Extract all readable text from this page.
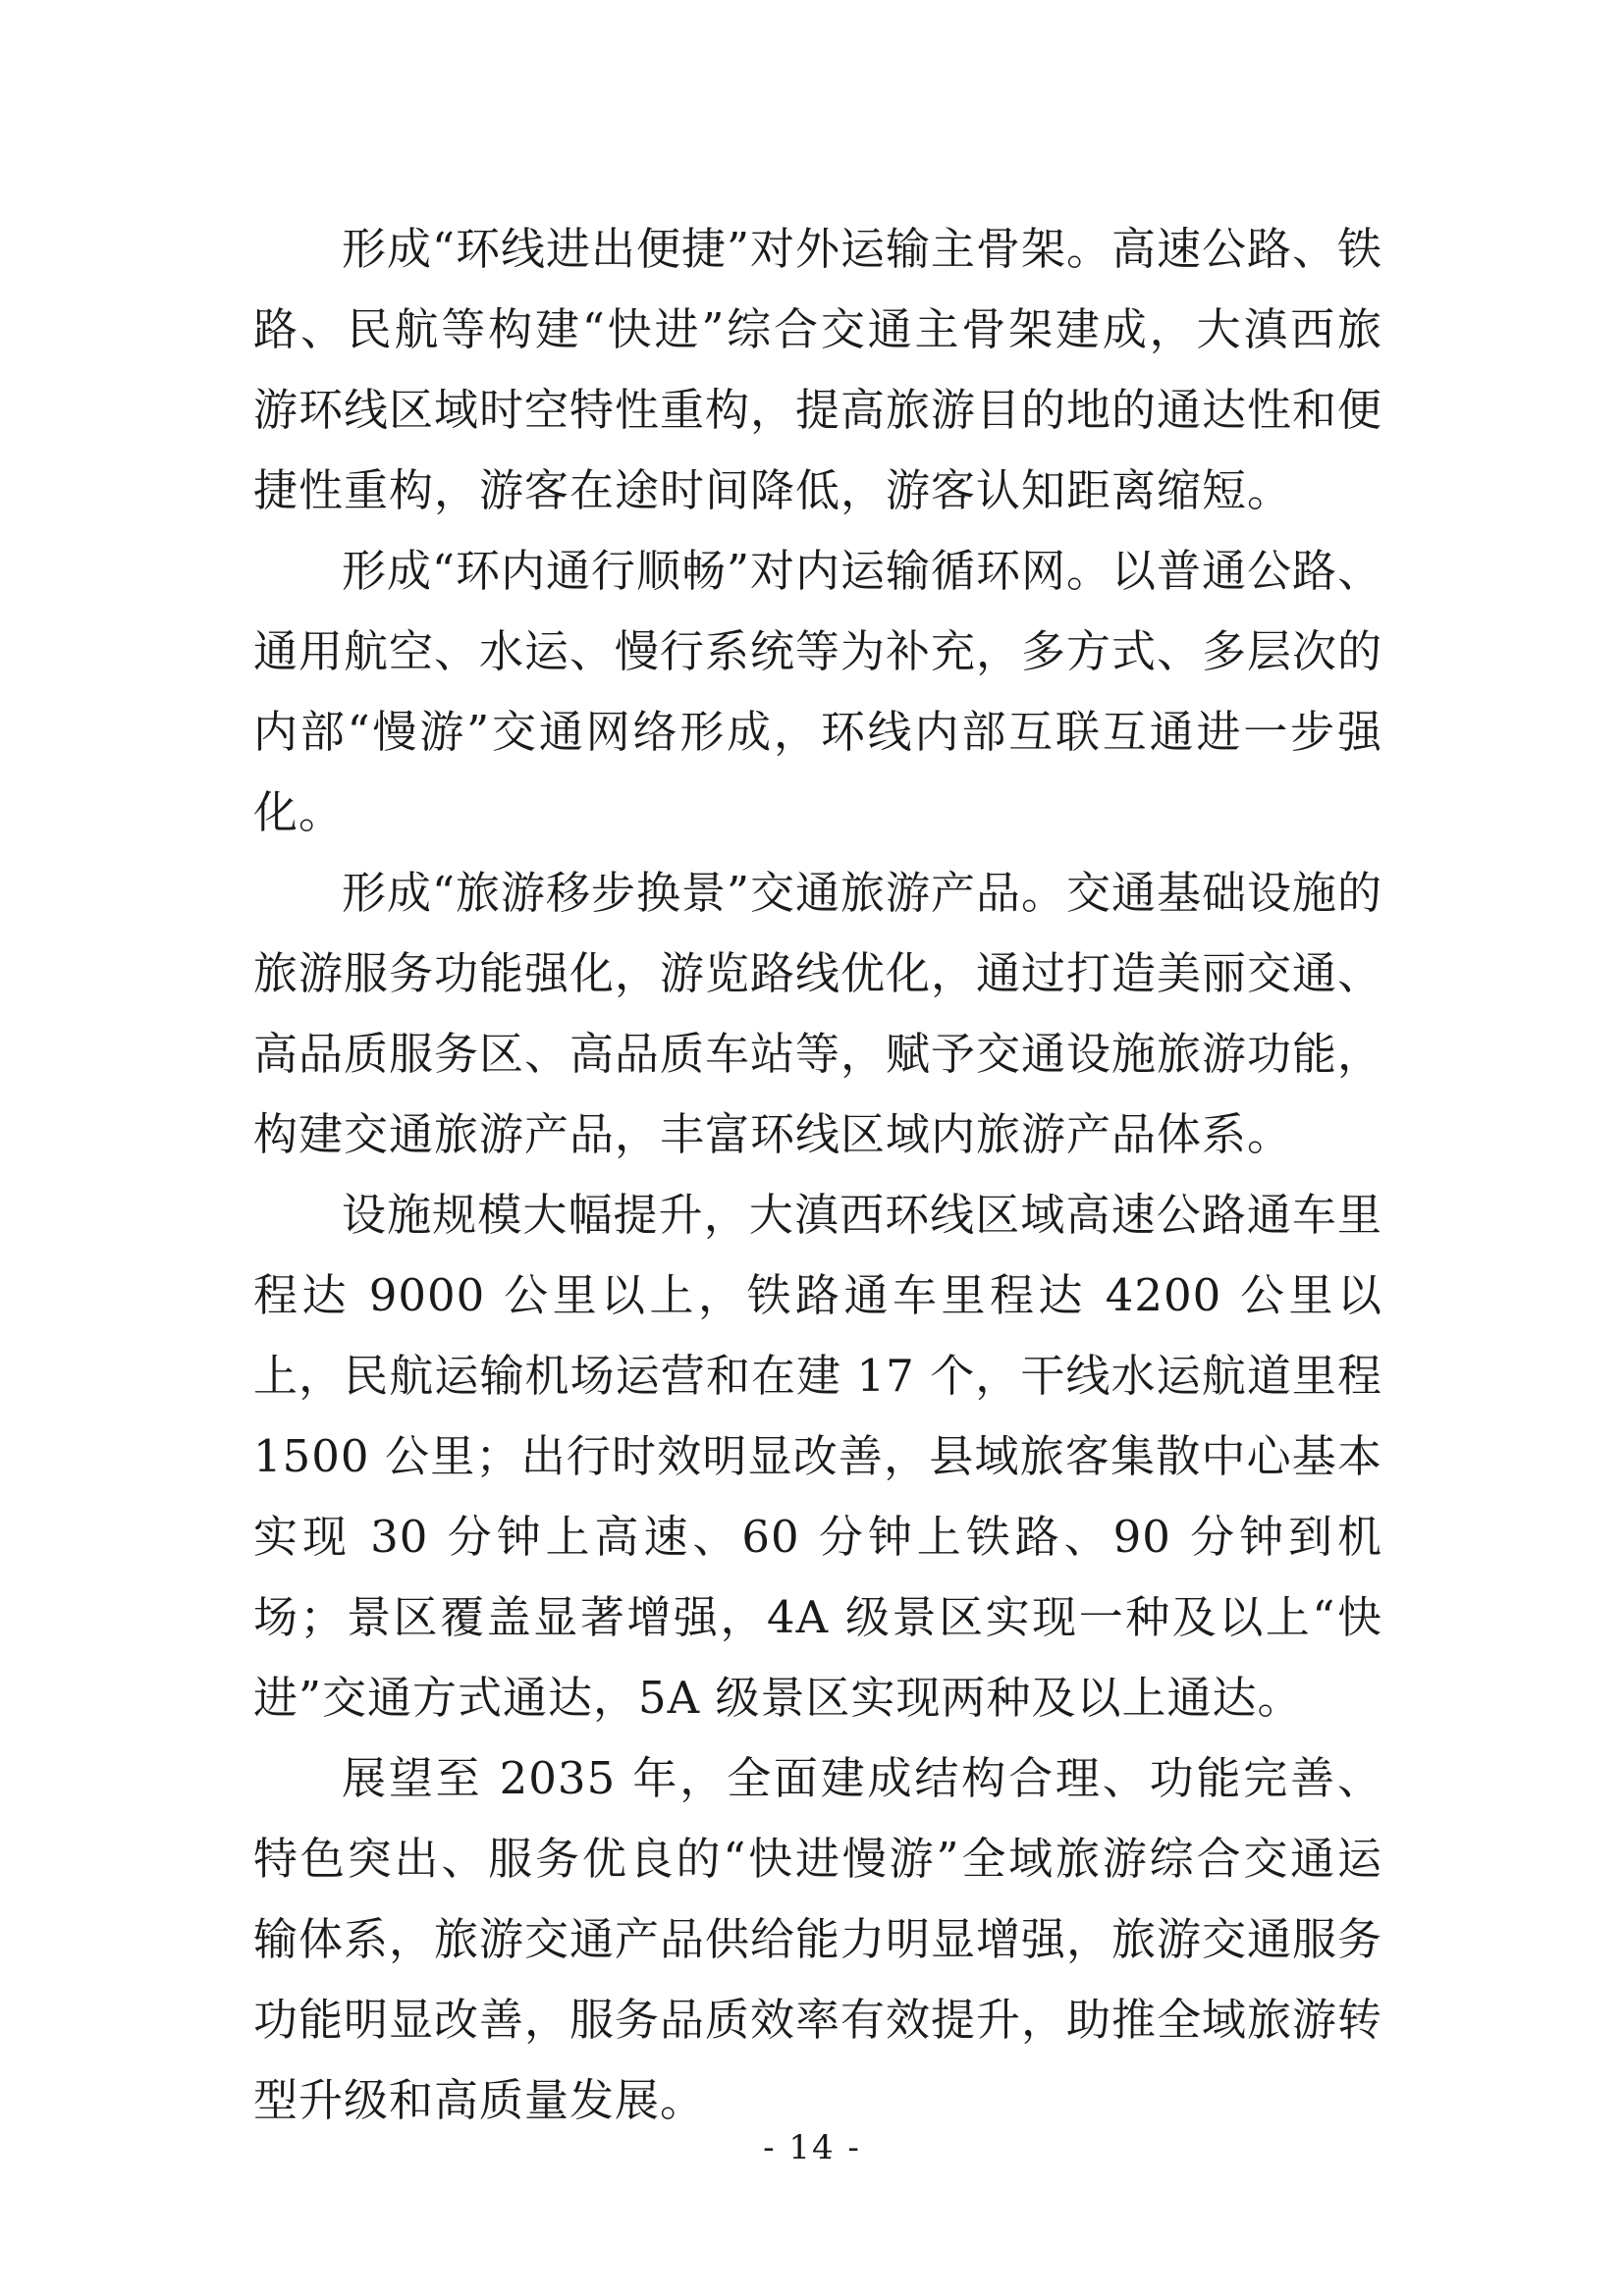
形成“环线进出便捷”对外运输主骨架。高速公路、铁路、民航等构建“快进”综合交通主骨架建成，大滇西旅游环线区域时空特性重构，提高旅游目的地的通达性和便捷性重构，游客在途时间降低，游客认知距离缩短。

形成“环内通行顺畅”对内运输循环网。以普通公路、通用航空、水运、慢行系统等为补充，多方式、多层次的内部“慢游”交通网络形成，环线内部互联互通进一步强化。

形成“旅游移步换景”交通旅游产品。交通基础设施的旅游服务功能强化，游览路线优化，通过打造美丽交通、高品质服务区、高品质车站等，赋予交通设施旅游功能，构建交通旅游产品，丰富环线区域内旅游产品体系。

设施规模大幅提升，大滇西环线区域高速公路通车里程达 9000 公里以上，铁路通车里程达 4200 公里以上，民航运输机场运营和在建 17 个，干线水运航道里程 1500 公里；出行时效明显改善，县域旅客集散中心基本实现 30 分钟上高速、60 分钟上铁路、90 分钟到机场；景区覆盖显著增强，4A 级景区实现一种及以上“快进”交通方式通达，5A 级景区实现两种及以上通达。

展望至 2035 年，全面建成结构合理、功能完善、特色突出、服务优良的“快进慢游”全域旅游综合交通运输体系，旅游交通产品供给能力明显增强，旅游交通服务功能明显改善，服务品质效率有效提升，助推全域旅游转型升级和高质量发展。

- 14 -
